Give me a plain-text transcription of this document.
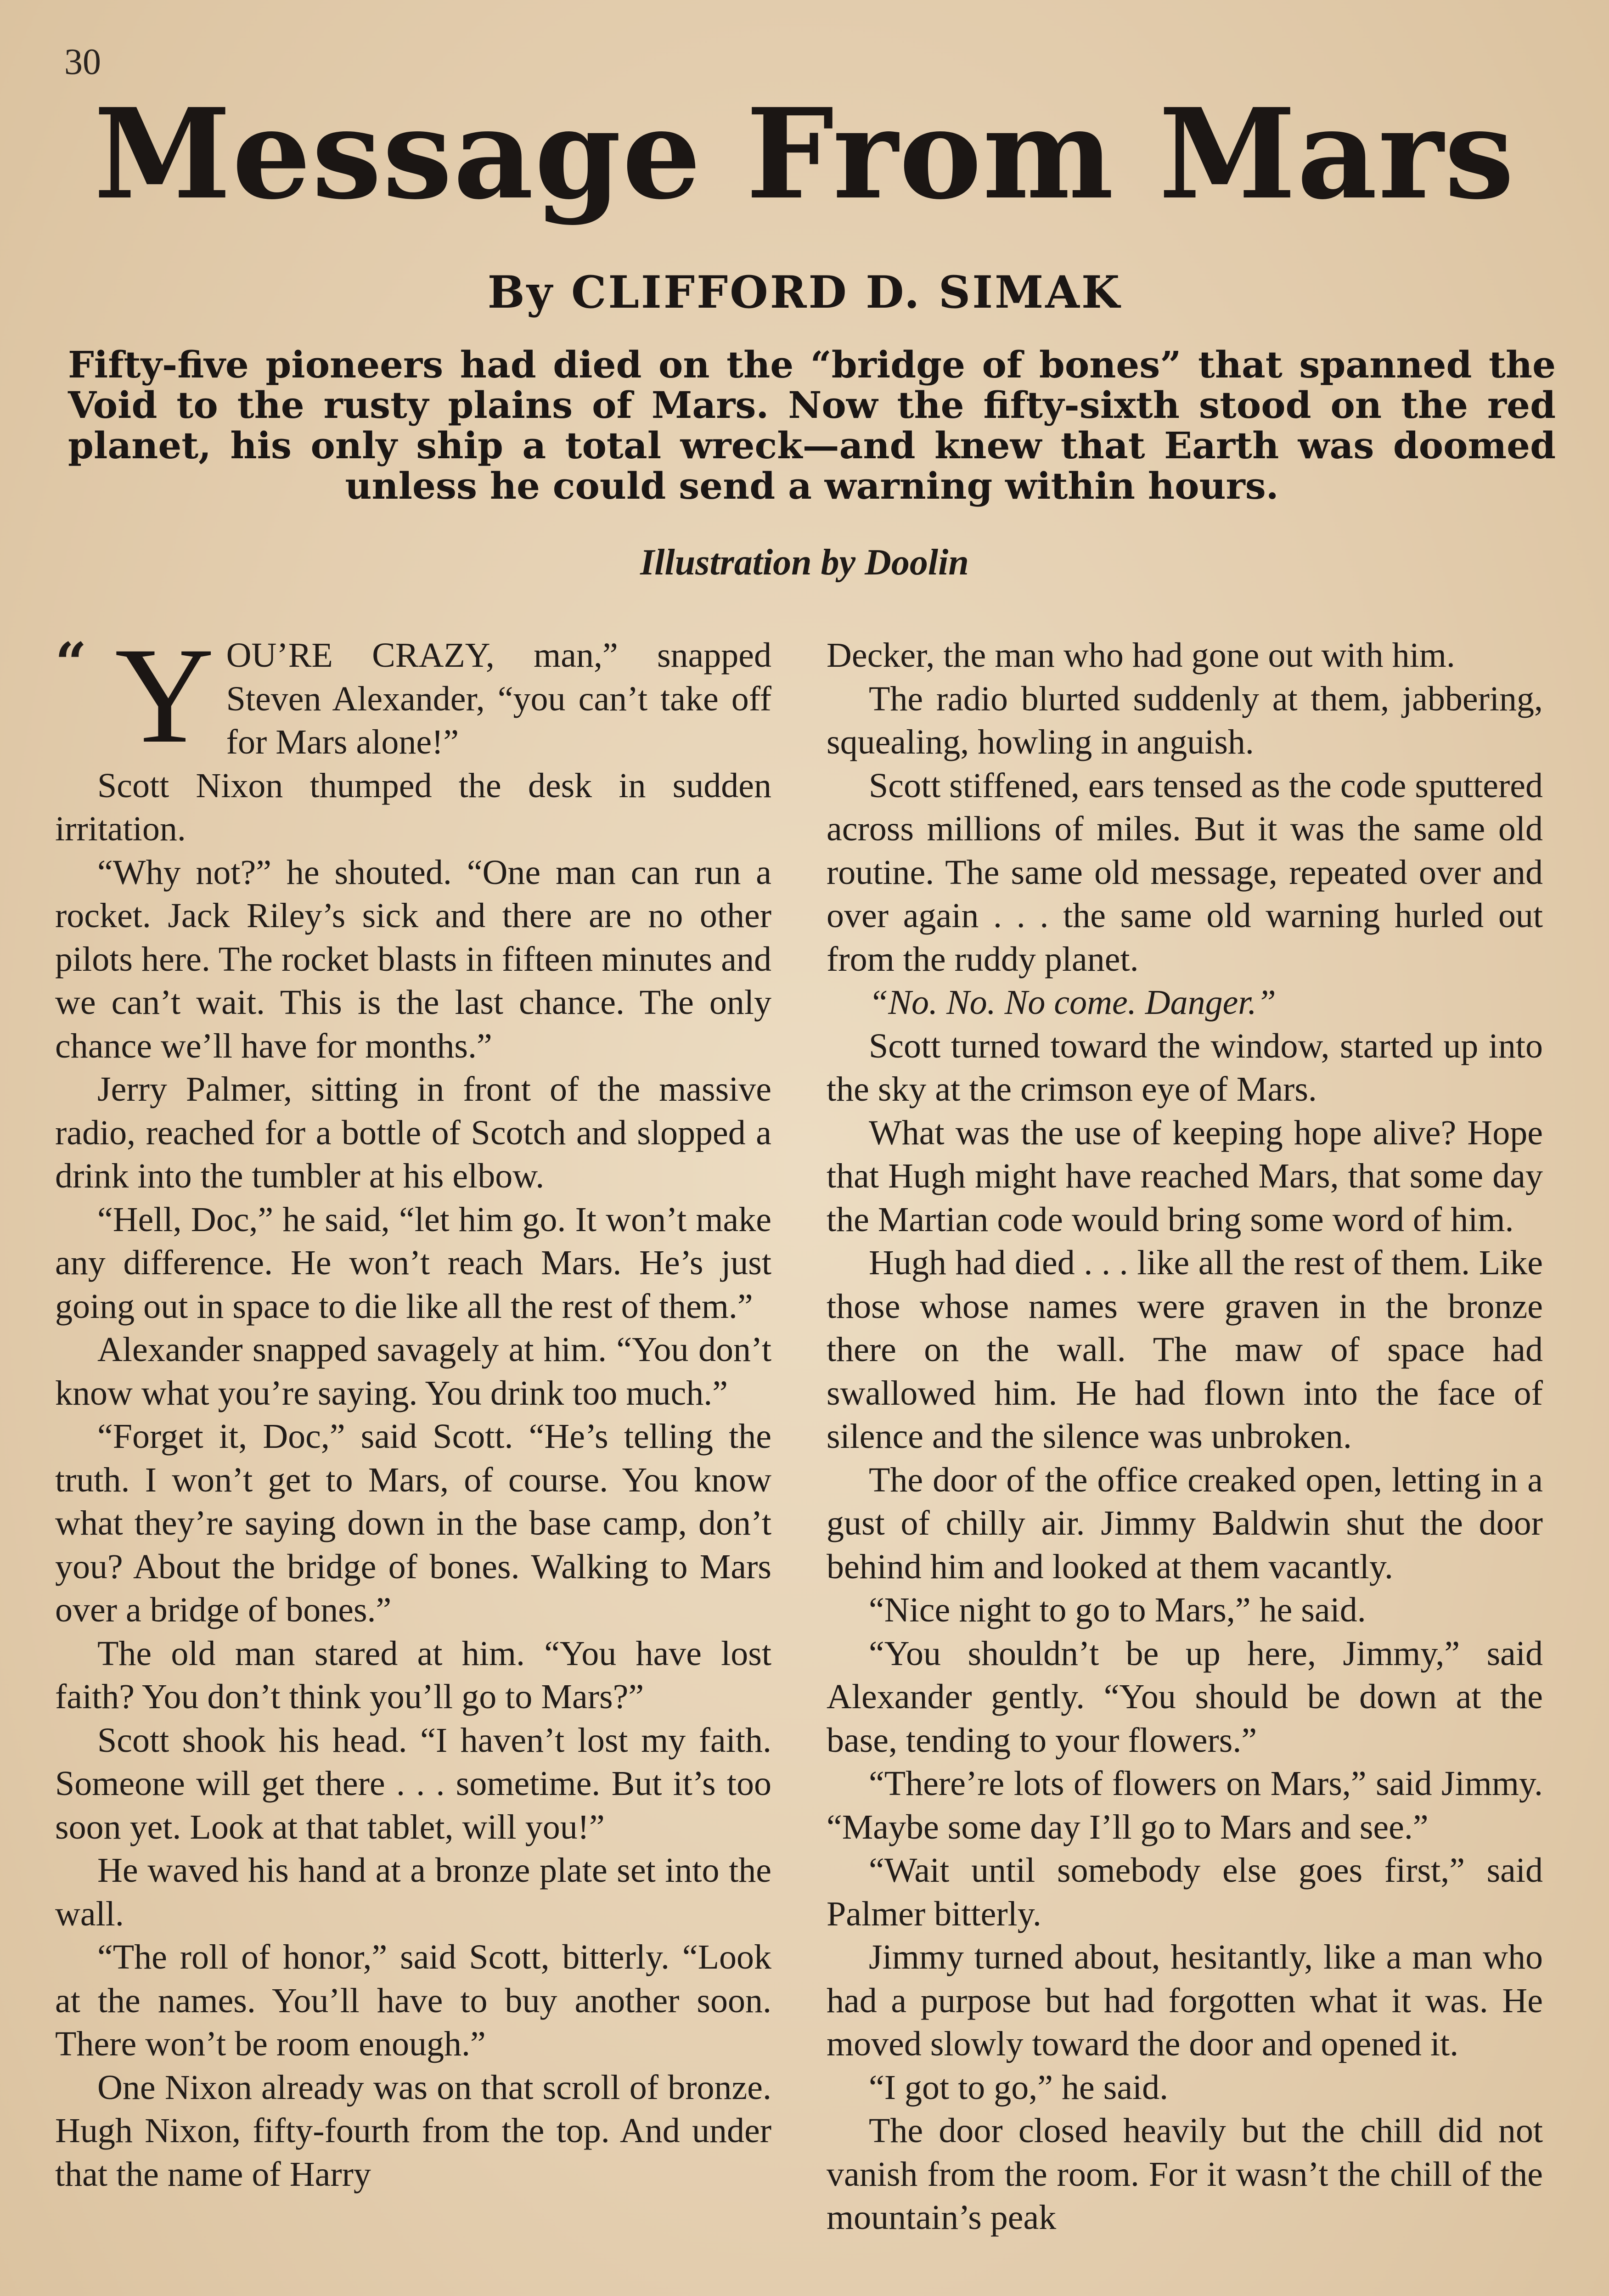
30
Message From Mars
By CLIFFORD D. SIMAK
Fifty-five pioneers had died on the “bridge of bones” that spanned the Void to the rusty plains of Mars. Now the fifty-sixth stood on the red planet, his only ship a total wreck—and knew that Earth was doomed unless he could send a warning within hours.
Illustration by Doolin
“ Y OU’RE CRAZY, man,” snapped Steven Alexander, “you can’t take off for Mars alone!”

Scott Nixon thumped the desk in sudden irritation.

“Why not?” he shouted. “One man can run a rocket. Jack Riley’s sick and there are no other pilots here. The rocket blasts in fifteen minutes and we can’t wait. This is the last chance. The only chance we’ll have for months.”

Jerry Palmer, sitting in front of the massive radio, reached for a bottle of Scotch and slopped a drink into the tumbler at his elbow.

“Hell, Doc,” he said, “let him go. It won’t make any difference. He won’t reach Mars. He’s just going out in space to die like all the rest of them.”

Alexander snapped savagely at him. “You don’t know what you’re saying. You drink too much.”

“Forget it, Doc,” said Scott. “He’s telling the truth. I won’t get to Mars, of course. You know what they’re saying down in the base camp, don’t you? About the bridge of bones. Walking to Mars over a bridge of bones.”

The old man stared at him. “You have lost faith? You don’t think you’ll go to Mars?”

Scott shook his head. “I haven’t lost my faith. Someone will get there . . . sometime. But it’s too soon yet. Look at that tablet, will you!”

He waved his hand at a bronze plate set into the wall.

“The roll of honor,” said Scott, bitterly. “Look at the names. You’ll have to buy another soon. There won’t be room enough.”

One Nixon already was on that scroll of bronze. Hugh Nixon, fifty-fourth from the top. And under that the name of Harry

Decker, the man who had gone out with him.

The radio blurted suddenly at them, jabbering, squealing, howling in anguish.

Scott stiffened, ears tensed as the code sputtered across millions of miles. But it was the same old routine. The same old message, repeated over and over again . . . the same old warning hurled out from the ruddy planet.

“No. No. No come. Danger.”

Scott turned toward the window, started up into the sky at the crimson eye of Mars.

What was the use of keeping hope alive? Hope that Hugh might have reached Mars, that some day the Martian code would bring some word of him.

Hugh had died . . . like all the rest of them. Like those whose names were graven in the bronze there on the wall. The maw of space had swallowed him. He had flown into the face of silence and the silence was unbroken.

The door of the office creaked open, letting in a gust of chilly air. Jimmy Baldwin shut the door behind him and looked at them vacantly.

“Nice night to go to Mars,” he said.

“You shouldn’t be up here, Jimmy,” said Alexander gently. “You should be down at the base, tending to your flowers.”

“There’re lots of flowers on Mars,” said Jimmy. “Maybe some day I’ll go to Mars and see.”

“Wait until somebody else goes first,” said Palmer bitterly.

Jimmy turned about, hesitantly, like a man who had a purpose but had forgotten what it was. He moved slowly toward the door and opened it.

“I got to go,” he said.

The door closed heavily but the chill did not vanish from the room. For it wasn’t the chill of the mountain’s peak
